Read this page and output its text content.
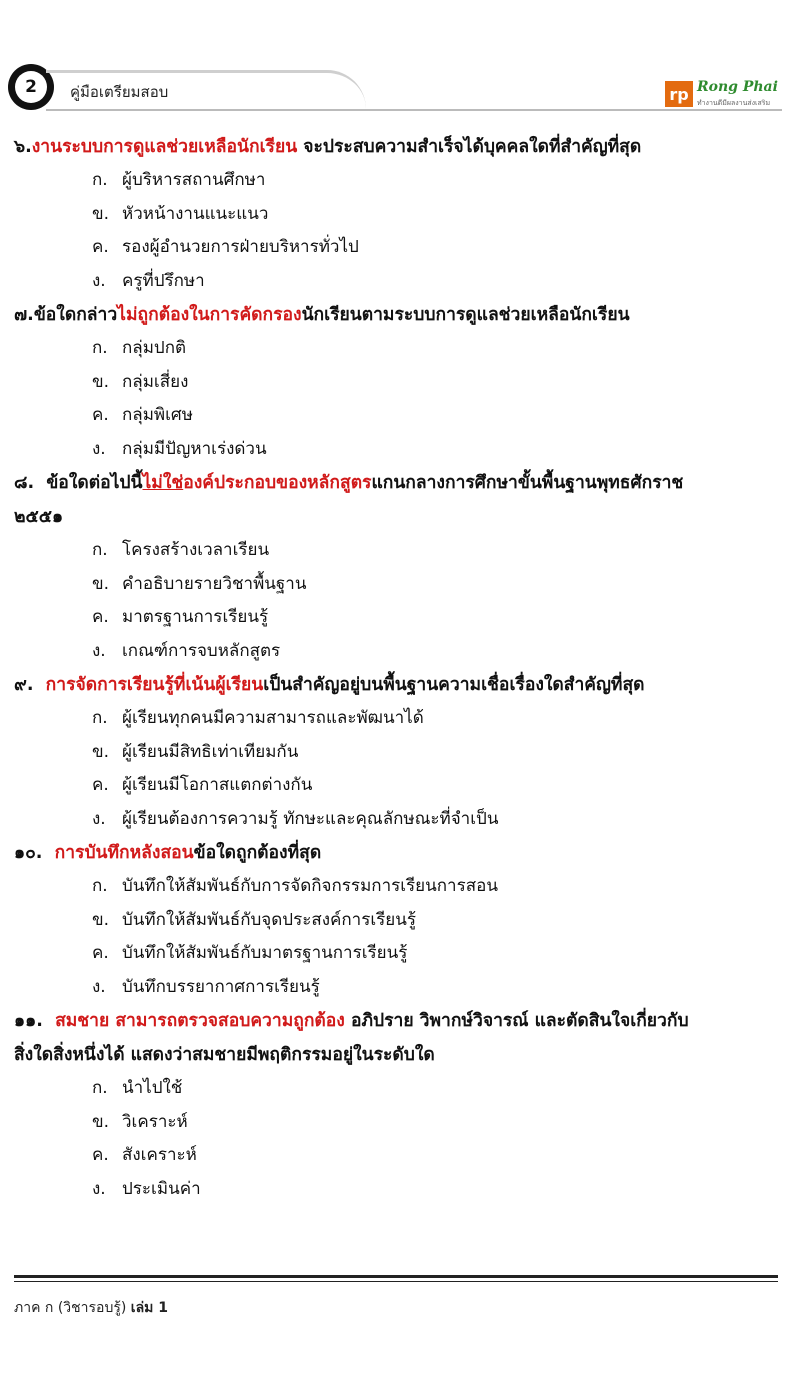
2	คู่มือเตรียมสอบ	rp Rong Phai
ทำงานดีมีผลงานส่งเสริม

๖.งานระบบการดูแลช่วยเหลือนักเรียน จะประสบความสำเร็จได้บุคคลใดที่สำคัญที่สุด

ก. ผู้บริหารสถานศึกษา

ข. หัวหน้างานแนะแนว

ค. รองผู้อำนวยการฝ่ายบริหารทั่วไป

ง. ครูที่ปรึกษา

๗.ข้อใดกล่าวไม่ถูกต้องในการคัดกรองนักเรียนตามระบบการดูแลช่วยเหลือนักเรียน

ก. กลุ่มปกติ

ข. กลุ่มเสี่ยง

ค. กลุ่มพิเศษ

ง. กลุ่มมีปัญหาเร่งด่วน

๘. ข้อใดต่อไปนี้ไม่ใช่องค์ประกอบของหลักสูตรแกนกลางการศึกษาขั้นพื้นฐานพุทธศักราช

๒๕๕๑

ก. โครงสร้างเวลาเรียน

ข. คำอธิบายรายวิชาพื้นฐาน

ค. มาตรฐานการเรียนรู้

ง. เกณฑ์การจบหลักสูตร

๙. การจัดการเรียนรู้ที่เน้นผู้เรียนเป็นสำคัญอยู่บนพื้นฐานความเชื่อเรื่องใดสำคัญที่สุด

ก. ผู้เรียนทุกคนมีความสามารถและพัฒนาได้

ข. ผู้เรียนมีสิทธิเท่าเทียมกัน

ค. ผู้เรียนมีโอกาสแตกต่างกัน

ง. ผู้เรียนต้องการความรู้ ทักษะและคุณลักษณะที่จำเป็น

๑๐. การบันทึกหลังสอนข้อใดถูกต้องที่สุด

ก. บันทึกให้สัมพันธ์กับการจัดกิจกรรมการเรียนการสอน

ข. บันทึกให้สัมพันธ์กับจุดประสงค์การเรียนรู้

ค. บันทึกให้สัมพันธ์กับมาตรฐานการเรียนรู้

ง. บันทึกบรรยากาศการเรียนรู้

๑๑. สมชาย สามารถตรวจสอบความถูกต้อง อภิปราย วิพากษ์วิจารณ์ และตัดสินใจเกี่ยวกับ

สิ่งใดสิ่งหนึ่งได้ แสดงว่าสมชายมีพฤติกรรมอยู่ในระดับใด

ก. นำไปใช้

ข. วิเคราะห์

ค. สังเคราะห์

ง. ประเมินค่า

ภาค ก (วิชารอบรู้) เล่ม 1
